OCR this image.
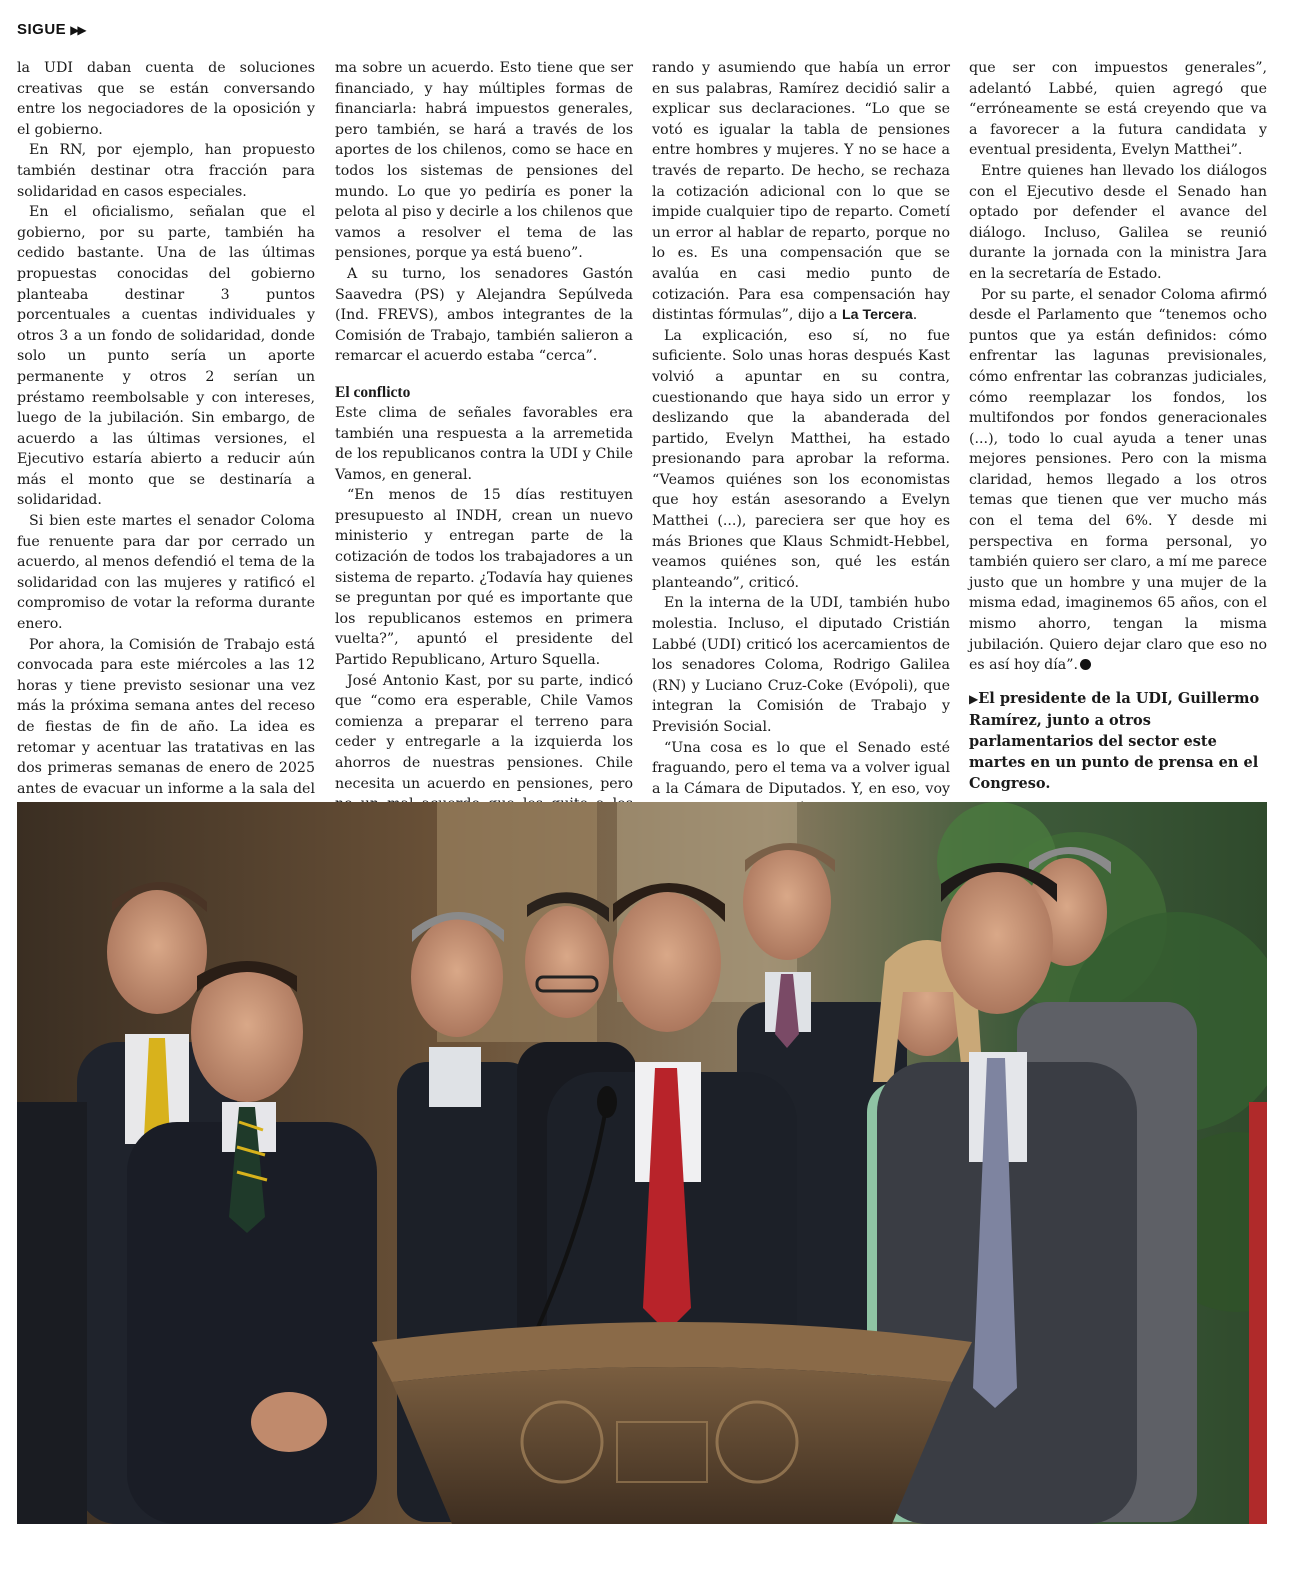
SIGUE ▶▶

la UDI daban cuenta de soluciones creativas que se están conversando entre los negociadores de la oposición y el gobierno.

En RN, por ejemplo, han propuesto también destinar otra fracción para solidaridad en casos especiales.

En el oficialismo, señalan que el gobierno, por su parte, también ha cedido bastante. Una de las últimas propuestas conocidas del gobierno planteaba destinar 3 puntos porcentuales a cuentas individuales y otros 3 a un fondo de solidaridad, donde solo un punto sería un aporte permanente y otros 2 serían un préstamo reembolsable y con intereses, luego de la jubilación. Sin embargo, de acuerdo a las últimas versiones, el Ejecutivo estaría abierto a reducir aún más el monto que se destinaría a solidaridad.

Si bien este martes el senador Coloma fue renuente para dar por cerrado un acuerdo, al menos defendió el tema de la solidaridad con las mujeres y ratificó el compromiso de votar la reforma durante enero.

Por ahora, la Comisión de Trabajo está convocada para este miércoles a las 12 horas y tiene previsto sesionar una vez más la próxima semana antes del receso de fiestas de fin de año. La idea es retomar y acentuar las tratativas en las dos primeras semanas de enero de 2025 antes de evacuar un informe a la sala del

ma sobre un acuerdo. Esto tiene que ser financiado, y hay múltiples formas de financiarla: habrá impuestos generales, pero también, se hará a través de los aportes de los chilenos, como se hace en todos los sistemas de pensiones del mundo. Lo que yo pediría es poner la pelota al piso y decirle a los chilenos que vamos a resolver el tema de las pensiones, porque ya está bueno”.

A su turno, los senadores Gastón Saavedra (PS) y Alejandra Sepúlveda (Ind. FREVS), ambos integrantes de la Comisión de Trabajo, también salieron a remarcar el acuerdo estaba “cerca”.

El conflicto

Este clima de señales favorables era también una respuesta a la arremetida de los republicanos contra la UDI y Chile Vamos, en general.

“En menos de 15 días restituyen presupuesto al INDH, crean un nuevo ministerio y entregan parte de la cotización de todos los trabajadores a un sistema de reparto. ¿Todavía hay quienes se preguntan por qué es importante que los republicanos estemos en primera vuelta?”, apuntó el presidente del Partido Republicano, Arturo Squella.

José Antonio Kast, por su parte, indicó que “como era esperable, Chile Vamos comienza a preparar el terreno para ceder y entregarle a la izquierda los ahorros de nuestras pensiones. Chile necesita un acuerdo en pensiones, pero

rando y asumiendo que había un error en sus palabras, Ramírez decidió salir a explicar sus declaraciones. “Lo que se votó es igualar la tabla de pensiones entre hombres y mujeres. Y no se hace a través de reparto. De hecho, se rechaza la cotización adicional con lo que se impide cualquier tipo de reparto. Cometí un error al hablar de reparto, porque no lo es. Es una compensación que se avalúa en casi medio punto de cotización. Para esa compensación hay distintas fórmulas”, dijo a La Tercera.

La explicación, eso sí, no fue suficiente. Solo unas horas después Kast volvió a apuntar en su contra, cuestionando que haya sido un error y deslizando que la abanderada del partido, Evelyn Matthei, ha estado presionando para aprobar la reforma. “Veamos quiénes son los economistas que hoy están asesorando a Evelyn Matthei (...), pareciera ser que hoy es más Briones que Klaus Schmidt-Hebbel, veamos quiénes son, qué les están planteando”, criticó.

En la interna de la UDI, también hubo molestia. Incluso, el diputado Cristián Labbé (UDI) criticó los acercamientos de los senadores Coloma, Rodrigo Galilea (RN) y Luciano Cruz-Coke (Evópoli), que integran la Comisión de Trabajo y Previsión Social.

“Una cosa es lo que el Senado esté fraguando, pero el tema va a volver igual a la Cámara de Diputados. Y, en eso, voy

que ser con impuestos generales”, adelantó Labbé, quien agregó que “erróneamente se está creyendo que va a favorecer a la futura candidata y eventual presidenta, Evelyn Matthei”.

Entre quienes han llevado los diálogos con el Ejecutivo desde el Senado han optado por defender el avance del diálogo. Incluso, Galilea se reunió durante la jornada con la ministra Jara en la secretaría de Estado.

Por su parte, el senador Coloma afirmó desde el Parlamento que “tenemos ocho puntos que ya están definidos: cómo enfrentar las lagunas previsionales, cómo enfrentar las cobranzas judiciales, cómo reemplazar los fondos, los multifondos por fondos generacionales (...), todo lo cual ayuda a tener unas mejores pensiones. Pero con la misma claridad, hemos llegado a los otros temas que tienen que ver mucho más con el tema del 6%. Y desde mi perspectiva en forma personal, yo también quiero ser claro, a mí me parece justo que un hombre y una mujer de la misma edad, imaginemos 65 años, con el mismo ahorro, tengan la misma jubilación. Quiero dejar claro que eso no es así hoy día”.

▶El presidente de la UDI, Guillermo Ramírez, junto a otros parlamentarios del sector este martes en un punto de prensa en el Congreso.
